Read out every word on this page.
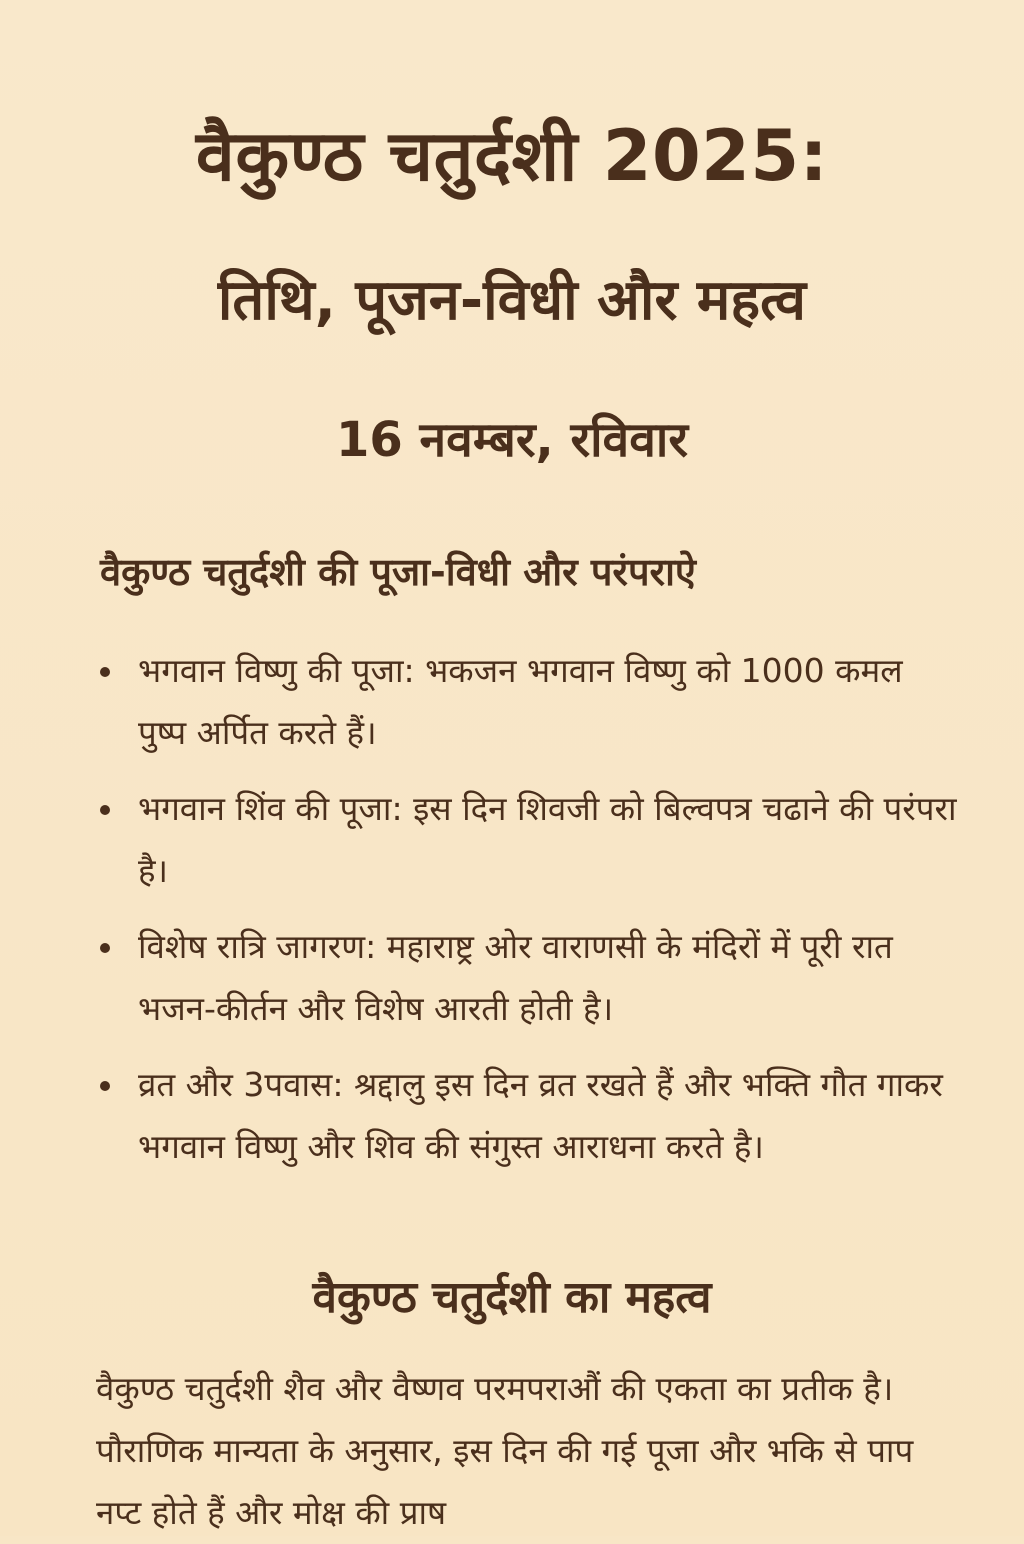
वैकुण्ठ चतुर्दशी 2025:
तिथि, पूजन-विधी और महत्व
16 नवम्बर, रविवार
वैकुण्ठ चतुर्दशी की पूजा-विधी और परंपराऐ
भगवान विष्णु की पूजा: भकजन भगवान विष्णु को 1000 कमल पुष्प अर्पित करते हैं।
भगवान शिंव की पूजा: इस दिन शिवजी को बिल्वपत्र चढाने की परंपरा है।
विशेष रात्रि जागरण: महाराष्ट्र ओर वाराणसी के मंदिरों में पूरी रात भजन-कीर्तन और विशेष आरती होती है।
व्रत और 3पवास: श्रद्दालु इस दिन व्रत रखते हैं और भक्ति गौत गाकर भगवान विष्णु और शिव की संगुस्त आराधना करते है।
वैकुण्ठ चतुर्दशी का महत्व
वैकुण्ठ चतुर्दशी शैव और वैष्णव परमपराऔं की एकता का प्रतीक है। पौराणिक मान्यता के अनुसार, इस दिन की गई पूजा और भकि से पाप नप्ट होते हैं और मोक्ष की प्राष
